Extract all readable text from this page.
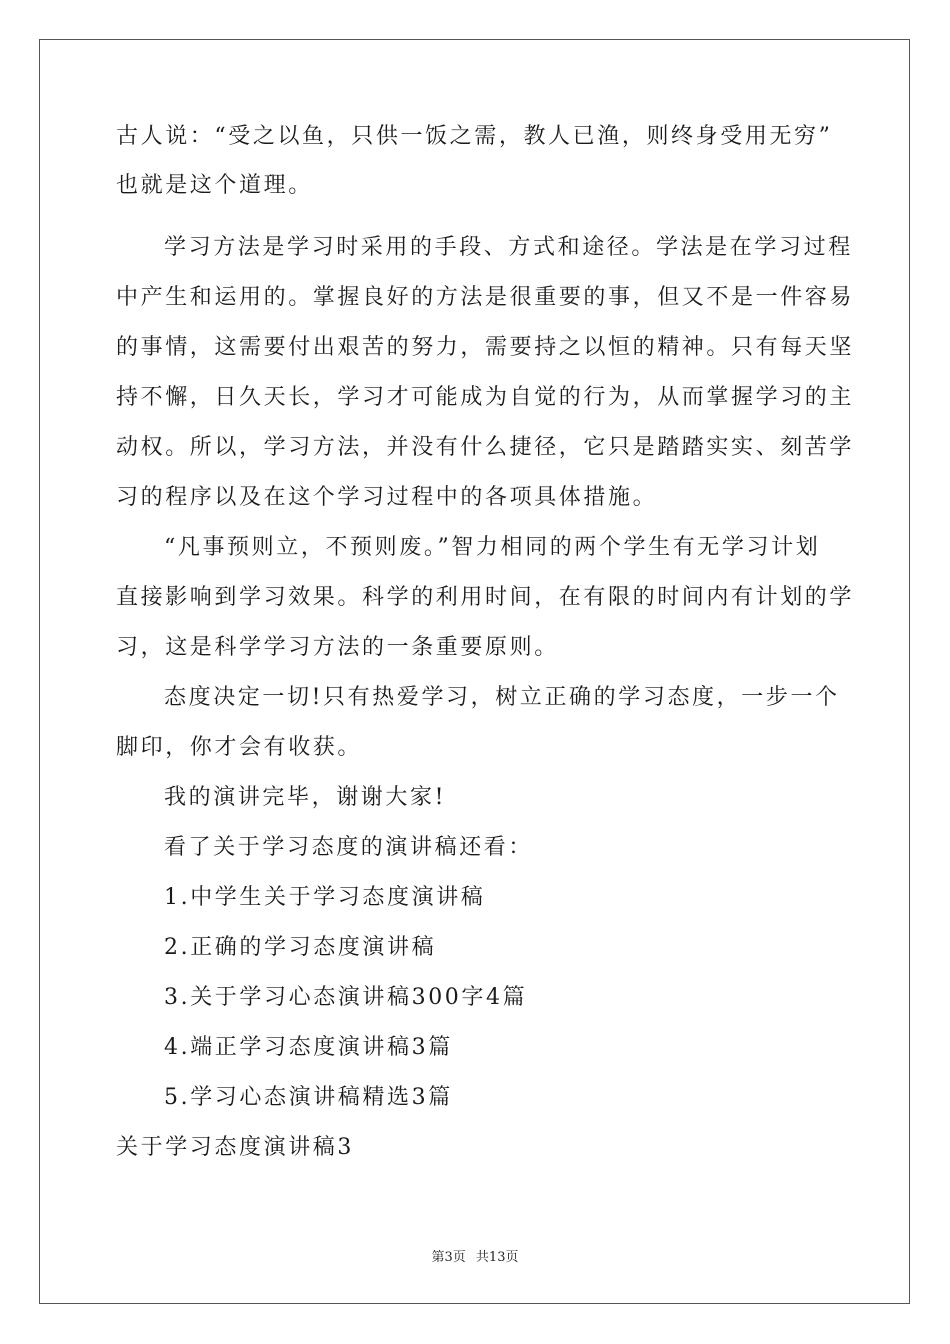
古人说：“受之以鱼，只供一饭之需，教人已渔，则终身受用无穷”
也就是这个道理。
学习方法是学习时采用的手段、方式和途径。学法是在学习过程
中产生和运用的。掌握良好的方法是很重要的事，但又不是一件容易
的事情，这需要付出艰苦的努力，需要持之以恒的精神。只有每天坚
持不懈，日久天长，学习才可能成为自觉的行为，从而掌握学习的主
动权。所以，学习方法，并没有什么捷径，它只是踏踏实实、刻苦学
习的程序以及在这个学习过程中的各项具体措施。
“凡事预则立，不预则废。”智力相同的两个学生有无学习计划
直接影响到学习效果。科学的利用时间，在有限的时间内有计划的学
习，这是科学学习方法的一条重要原则。
态度决定一切!只有热爱学习，树立正确的学习态度，一步一个
脚印，你才会有收获。
我的演讲完毕，谢谢大家!
看了关于学习态度的演讲稿还看：
1.中学生关于学习态度演讲稿
2.正确的学习态度演讲稿
3.关于学习心态演讲稿300字4篇
4.端正学习态度演讲稿3篇
5.学习心态演讲稿精选3篇
关于学习态度演讲稿3
第3页 共13页
